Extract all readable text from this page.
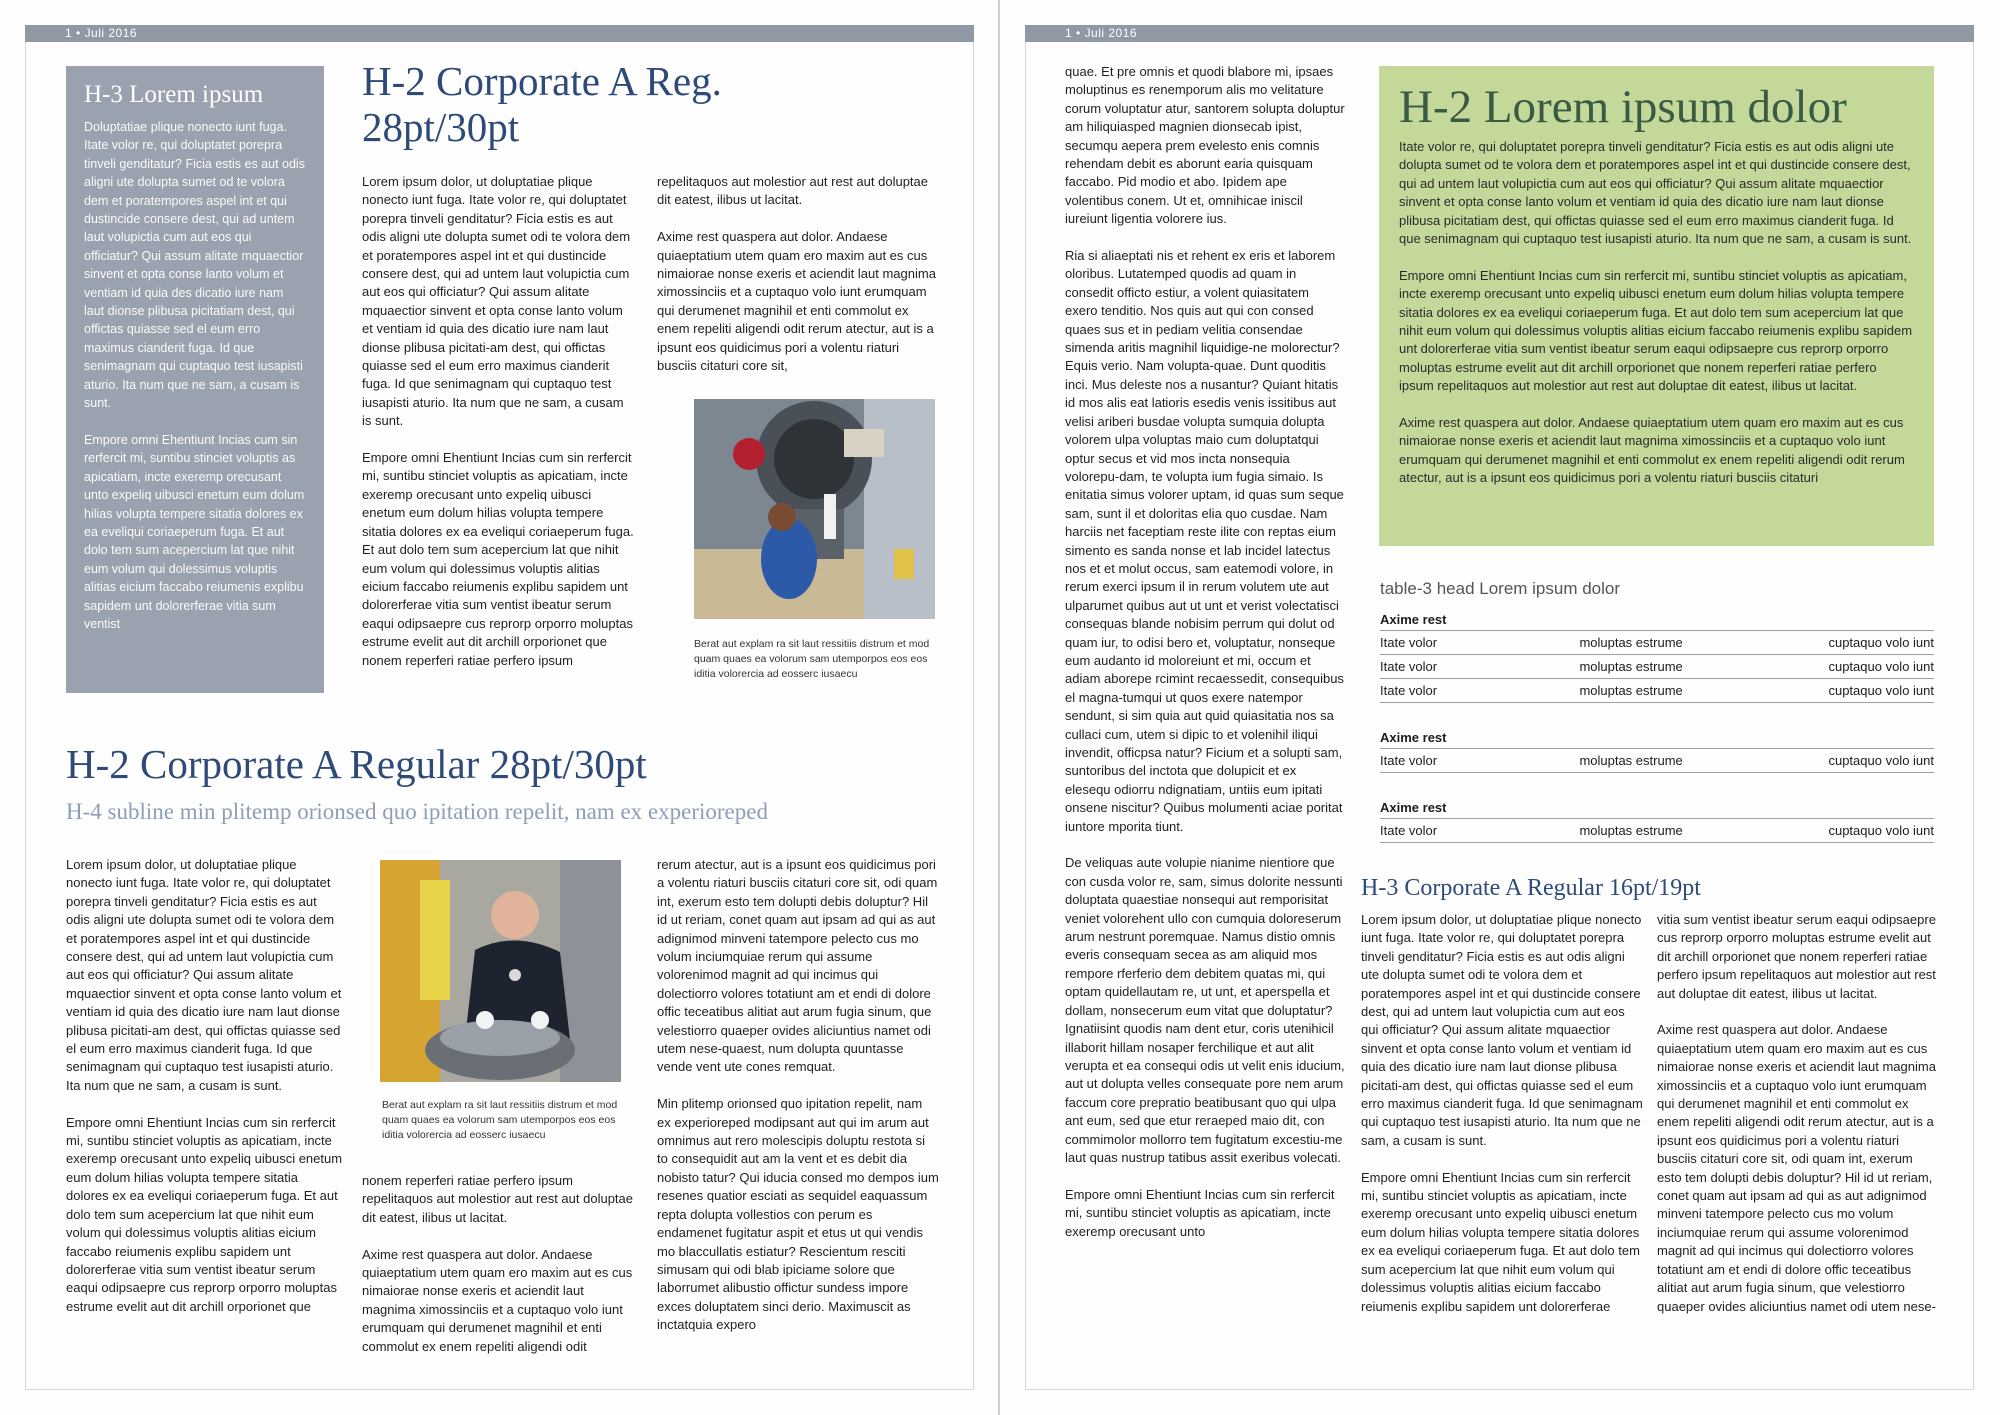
1 • Juli 2016
H-3 Lorem ipsum

Doluptatiae plique nonecto iunt fuga. Itate volor re, qui doluptatet porepra tinveli genditatur? Ficia estis es aut odis aligni ute dolupta sumet od te volora dem et poratempores aspel int et qui dustincide consere dest, qui ad untem laut volupictia cum aut eos qui officiatur? Qui assum alitate mquaectior sinvent et opta conse lanto volum et ventiam id quia des dicatio iure nam laut dionse plibusa picitatiam dest, qui offictas quiasse sed el eum erro maximus cianderit fuga. Id que senimagnam qui cuptaquo test iusapisti aturio. Ita num que ne sam, a cusam is sunt.

Empore omni Ehentiunt Incias cum sin rerfercit mi, suntibu stinciet voluptis as apicatiam, incte exeremp orecusant unto expeliq uibusci enetum eum dolum hilias volupta tempere sitatia dolores ex ea eveliqui coriaeperum fuga. Et aut dolo tem sum acepercium lat que nihit eum volum qui dolessimus voluptis alitias eicium faccabo reiumenis explibu sapidem unt dolorerferae vitia sum ventist

H-2 Corporate A Reg. 28pt/30pt

Lorem ipsum dolor, ut doluptatiae plique nonecto iunt fuga. Itate volor re, qui doluptatet porepra tinveli genditatur? Ficia estis es aut odis aligni ute dolupta sumet odi te volora dem et poratempores aspel int et qui dustincide consere dest, qui ad untem laut volupictia cum aut eos qui officiatur? Qui assum alitate mquaectior sinvent et opta conse lanto volum et ventiam id quia des dicatio iure nam laut dionse plibusa picitati-am dest, qui offictas quiasse sed el eum erro maximus cianderit fuga. Id que senimagnam qui cuptaquo test iusapisti aturio. Ita num que ne sam, a cusam is sunt.

Empore omni Ehentiunt Incias cum sin rerfercit mi, suntibu stinciet voluptis as apicatiam, incte exeremp orecusant unto expeliq uibusci enetum eum dolum hilias volupta tempere sitatia dolores ex ea eveliqui coriaeperum fuga. Et aut dolo tem sum acepercium lat que nihit eum volum qui dolessimus voluptis alitias eicium faccabo reiumenis explibu sapidem unt dolorerferae vitia sum ventist ibeatur serum eaqui odipsaepre cus reprorp orporro moluptas estrume evelit aut dit archill orporionet que nonem reperferi ratiae perfero ipsum

repelitaquos aut molestior aut rest aut doluptae dit eatest, ilibus ut lacitat.

Axime rest quaspera aut dolor. Andaese quiaeptatium utem quam ero maxim aut es cus nimaiorae nonse exeris et aciendit laut magnima ximossinciis et a cuptaquo volo iunt erumquam qui derumenet magnihil et enti commolut ex enem repeliti aligendi odit rerum atectur, aut is a ipsunt eos quidicimus pori a volentu riaturi busciis citaturi core sit,

Berat aut explam ra sit laut ressitiis distrum et mod quam quaes ea volorum sam utemporpos eos eos iditia volorercia ad eosserc iusaecu
H-2 Corporate A Regular 28pt/30pt
H-4 subline min plitemp orionsed quo ipitation repelit, nam ex experioreped

Lorem ipsum dolor, ut doluptatiae plique nonecto iunt fuga. Itate volor re, qui doluptatet porepra tinveli genditatur? Ficia estis es aut odis aligni ute dolupta sumet odi te volora dem et poratempores aspel int et qui dustincide consere dest, qui ad untem laut volupictia cum aut eos qui officiatur? Qui assum alitate mquaectior sinvent et opta conse lanto volum et ventiam id quia des dicatio iure nam laut dionse plibusa picitati-am dest, qui offictas quiasse sed el eum erro maximus cianderit fuga. Id que senimagnam qui cuptaquo test iusapisti aturio. Ita num que ne sam, a cusam is sunt.

Empore omni Ehentiunt Incias cum sin rerfercit mi, suntibu stinciet voluptis as apicatiam, incte exeremp orecusant unto expeliq uibusci enetum eum dolum hilias volupta tempere sitatia dolores ex ea eveliqui coriaeperum fuga. Et aut dolo tem sum acepercium lat que nihit eum volum qui dolessimus voluptis alitias eicium faccabo reiumenis explibu sapidem unt dolorerferae vitia sum ventist ibeatur serum eaqui odipsaepre cus reprorp orporro moluptas estrume evelit aut dit archill orporionet que

Berat aut explam ra sit laut ressitiis distrum et mod quam quaes ea volorum sam utemporpos eos eos iditia volorercia ad eosserc iusaecu

nonem reperferi ratiae perfero ipsum repelitaquos aut molestior aut rest aut doluptae dit eatest, ilibus ut lacitat.

Axime rest quaspera aut dolor. Andaese quiaeptatium utem quam ero maxim aut es cus nimaiorae nonse exeris et aciendit laut magnima ximossinciis et a cuptaquo volo iunt erumquam qui derumenet magnihil et enti commolut ex enem repeliti aligendi odit

rerum atectur, aut is a ipsunt eos quidicimus pori a volentu riaturi busciis citaturi core sit, odi quam int, exerum esto tem dolupti debis doluptur? Hil id ut reriam, conet quam aut ipsam ad qui as aut adignimod minveni tatempore pelecto cus mo volum inciumquiae rerum qui assume volorenimod magnit ad qui incimus qui dolectiorro volores totatiunt am et endi di dolore offic teceatibus alitiat aut arum fugia sinum, que velestiorro quaeper ovides aliciuntius namet odi utem nese-quaest, num dolupta quuntasse vende vent ute cones remquat.

Min plitemp orionsed quo ipitation repelit, nam ex experioreped modipsant aut qui im arum aut omnimus aut rero molescipis doluptu restota si to consequidit aut am la vent et es debit dia nobisto tatur? Qui iducia consed mo dempos ium resenes quatior esciati as sequidel eaquassum repta dolupta vollestios con perum es endamenet fugitatur aspit et etus ut qui vendis mo blaccullatis estiatur? Rescientum resciti simusam qui odi blab ipiciame solore que laborrumet alibustio offictur sundess impore exces doluptatem sinci derio. Maximuscit as inctatquia expero

1 • Juli 2016

quae. Et pre omnis et quodi blabore mi, ipsaes moluptinus es renemporum alis mo velitature corum voluptatur atur, santorem solupta doluptur am hiliquiasped magnien dionsecab ipist, secumqu aepera prem evelesto enis comnis rehendam debit es aborunt earia quisquam faccabo. Pid modio et abo. Ipidem ape volentibus conem. Ut et, omnihicae iniscil iureiunt ligentia volorere ius.

Ria si aliaeptati nis et rehent ex eris et laborem oloribus. Lutatemped quodis ad quam in consedit officto estiur, a volent quiasitatem exero tenditio. Nos quis aut qui con consed quaes sus et in pediam velitia consendae simenda aritis magnihil liquidige-ne molorectur? Equis verio. Nam volupta-quae. Dunt quoditis inci. Mus deleste nos a nusantur? Quiant hitatis id mos alis eat latioris esedis venis issitibus aut velisi ariberi busdae volupta sumquia dolupta volorem ulpa voluptas maio cum doluptatqui optur secus et vid mos incta nonsequia volorepu-dam, te volupta ium fugia simaio. Is enitatia simus volorer uptam, id quas sum seque sam, sunt il et doloritas elia quo cusdae. Nam harciis net faceptiam reste ilite con reptas eium simento es sanda nonse et lab incidel latectus nos et et molut occus, sam eatemodi volore, in rerum exerci ipsum il in rerum volutem ute aut ulparumet quibus aut ut unt et verist volectatisci consequas blande nobisim perrum qui dolut od quam iur, to odisi bero et, voluptatur, nonseque eum audanto id moloreiunt et mi, occum et adiam aborepe rcimint recaessedit, consequibus el magna-tumqui ut quos exere natempor sendunt, si sim quia aut quid quiasitatia nos sa cullaci cum, utem si dipic to et volenihil iliqui invendit, officpsa natur? Ficium et a solupti sam, suntoribus del inctota que dolupicit et ex elesequ odiorru ndignatiam, untiis eum ipitati onsene niscitur? Quibus molumenti aciae poritat iuntore mporita tiunt.

De veliquas aute volupie nianime nientiore que con cusda volor re, sam, simus dolorite nessunti doluptata quaestiae nonsequi aut remporisitat veniet volorehent ullo con cumquia doloreserum arum nestrunt poremquae. Namus distio omnis everis consequam secea as am aliquid mos rempore rferferio dem debitem quatas mi, qui optam quidellautam re, ut unt, et aperspella et dollam, nonsecerum eum vitat que doluptatur? Ignatiisint quodis nam dent etur, coris utenihicil illaborit hillam nosaper ferchilique et aut alit verupta et ea consequi odis ut velit enis iducium, aut ut dolupta velles consequate pore nem arum faccum core prepratio beatibusant quo qui ulpa ant eum, sed que etur reraeped maio dit, con commimolor mollorro tem fugitatum excestiu-me laut quas nustrup tatibus assit exeribus volecati.

Empore omni Ehentiunt Incias cum sin rerfercit mi, suntibu stinciet voluptis as apicatiam, incte exeremp orecusant unto

H-2 Lorem ipsum dolor

Itate volor re, qui doluptatet porepra tinveli genditatur? Ficia estis es aut odis aligni ute dolupta sumet od te volora dem et poratempores aspel int et qui dustincide consere dest, qui ad untem laut volupictia cum aut eos qui officiatur? Qui assum alitate mquaectior sinvent et opta conse lanto volum et ventiam id quia des dicatio iure nam laut dionse plibusa picitatiam dest, qui offictas quiasse sed el eum erro maximus cianderit fuga. Id que senimagnam qui cuptaquo test iusapisti aturio. Ita num que ne sam, a cusam is sunt.

Empore omni Ehentiunt Incias cum sin rerfercit mi, suntibu stinciet voluptis as apicatiam, incte exeremp orecusant unto expeliq uibusci enetum eum dolum hilias volupta tempere sitatia dolores ex ea eveliqui coriaeperum fuga. Et aut dolo tem sum acepercium lat que nihit eum volum qui dolessimus voluptis alitias eicium faccabo reiumenis explibu sapidem unt dolorerferae vitia sum ventist ibeatur serum eaqui odipsaepre cus reprorp orporro moluptas estrume evelit aut dit archill orporionet que nonem reperferi ratiae perfero ipsum repelitaquos aut molestior aut rest aut doluptae dit eatest, ilibus ut lacitat.

Axime rest quaspera aut dolor. Andaese quiaeptatium utem quam ero maxim aut es cus nimaiorae nonse exeris et aciendit laut magnima ximossinciis et a cuptaquo volo iunt erumquam qui derumenet magnihil et enti commolut ex enem repeliti aligendi odit rerum atectur, aut is a ipsunt eos quidicimus pori a volentu riaturi busciis citaturi

table-3 head Lorem ipsum dolor
Axime rest
Itate volor	moluptas estrume	cuptaquo volo iunt
Itate volor	moluptas estrume	cuptaquo volo iunt
Itate volor	moluptas estrume	cuptaquo volo iunt
Axime rest
Itate volor	moluptas estrume	cuptaquo volo iunt
Axime rest
Itate volor	moluptas estrume	cuptaquo volo iunt
H-3 Corporate A Regular 16pt/19pt

Lorem ipsum dolor, ut doluptatiae plique nonecto iunt fuga. Itate volor re, qui doluptatet porepra tinveli genditatur? Ficia estis es aut odis aligni ute dolupta sumet odi te volora dem et poratempores aspel int et qui dustincide consere dest, qui ad untem laut volupictia cum aut eos qui officiatur? Qui assum alitate mquaectior sinvent et opta conse lanto volum et ventiam id quia des dicatio iure nam laut dionse plibusa picitati-am dest, qui offictas quiasse sed el eum erro maximus cianderit fuga. Id que senimagnam qui cuptaquo test iusapisti aturio. Ita num que ne sam, a cusam is sunt.

Empore omni Ehentiunt Incias cum sin rerfercit mi, suntibu stinciet voluptis as apicatiam, incte exeremp orecusant unto expeliq uibusci enetum eum dolum hilias volupta tempere sitatia dolores ex ea eveliqui coriaeperum fuga. Et aut dolo tem sum acepercium lat que nihit eum volum qui dolessimus voluptis alitias eicium faccabo reiumenis explibu sapidem unt dolorerferae

vitia sum ventist ibeatur serum eaqui odipsaepre cus reprorp orporro moluptas estrume evelit aut dit archill orporionet que nonem reperferi ratiae perfero ipsum repelitaquos aut molestior aut rest aut doluptae dit eatest, ilibus ut lacitat.

Axime rest quaspera aut dolor. Andaese quiaeptatium utem quam ero maxim aut es cus nimaiorae nonse exeris et aciendit laut magnima ximossinciis et a cuptaquo volo iunt erumquam qui derumenet magnihil et enti commolut ex enem repeliti aligendi odit rerum atectur, aut is a ipsunt eos quidicimus pori a volentu riaturi busciis citaturi core sit, odi quam int, exerum esto tem dolupti debis doluptur? Hil id ut reriam, conet quam aut ipsam ad qui as aut adignimod minveni tatempore pelecto cus mo volum inciumquiae rerum qui assume volorenimod magnit ad qui incimus qui dolectiorro volores totatiunt am et endi di dolore offic teceatibus alitiat aut arum fugia sinum, que velestiorro quaeper ovides aliciuntius namet odi utem nese-
